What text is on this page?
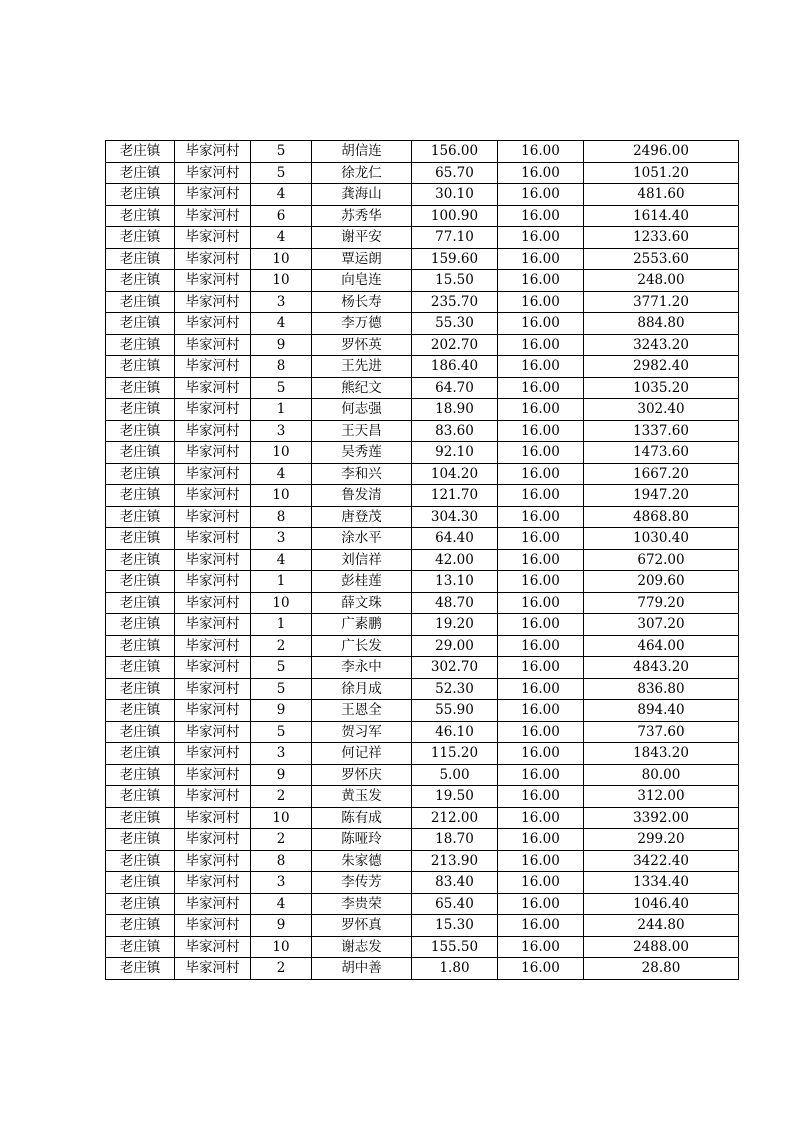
老庄镇	毕家河村	5	胡信连	156.00	16.00	2496.00
老庄镇	毕家河村	5	徐龙仁	65.70	16.00	1051.20
老庄镇	毕家河村	4	龚海山	30.10	16.00	481.60
老庄镇	毕家河村	6	苏秀华	100.90	16.00	1614.40
老庄镇	毕家河村	4	谢平安	77.10	16.00	1233.60
老庄镇	毕家河村	10	覃运朗	159.60	16.00	2553.60
老庄镇	毕家河村	10	向皂连	15.50	16.00	248.00
老庄镇	毕家河村	3	杨长寿	235.70	16.00	3771.20
老庄镇	毕家河村	4	李万德	55.30	16.00	884.80
老庄镇	毕家河村	9	罗怀英	202.70	16.00	3243.20
老庄镇	毕家河村	8	王先进	186.40	16.00	2982.40
老庄镇	毕家河村	5	熊纪文	64.70	16.00	1035.20
老庄镇	毕家河村	1	何志强	18.90	16.00	302.40
老庄镇	毕家河村	3	王天昌	83.60	16.00	1337.60
老庄镇	毕家河村	10	吴秀莲	92.10	16.00	1473.60
老庄镇	毕家河村	4	李和兴	104.20	16.00	1667.20
老庄镇	毕家河村	10	鲁发清	121.70	16.00	1947.20
老庄镇	毕家河村	8	唐登茂	304.30	16.00	4868.80
老庄镇	毕家河村	3	涂水平	64.40	16.00	1030.40
老庄镇	毕家河村	4	刘信祥	42.00	16.00	672.00
老庄镇	毕家河村	1	彭桂莲	13.10	16.00	209.60
老庄镇	毕家河村	10	薛文珠	48.70	16.00	779.20
老庄镇	毕家河村	1	广素鹏	19.20	16.00	307.20
老庄镇	毕家河村	2	广长发	29.00	16.00	464.00
老庄镇	毕家河村	5	李永中	302.70	16.00	4843.20
老庄镇	毕家河村	5	徐月成	52.30	16.00	836.80
老庄镇	毕家河村	9	王恩全	55.90	16.00	894.40
老庄镇	毕家河村	5	贺习军	46.10	16.00	737.60
老庄镇	毕家河村	3	何记祥	115.20	16.00	1843.20
老庄镇	毕家河村	9	罗怀庆	5.00	16.00	80.00
老庄镇	毕家河村	2	黄玉发	19.50	16.00	312.00
老庄镇	毕家河村	10	陈有成	212.00	16.00	3392.00
老庄镇	毕家河村	2	陈哑玲	18.70	16.00	299.20
老庄镇	毕家河村	8	朱家德	213.90	16.00	3422.40
老庄镇	毕家河村	3	李传芳	83.40	16.00	1334.40
老庄镇	毕家河村	4	李贵荣	65.40	16.00	1046.40
老庄镇	毕家河村	9	罗怀真	15.30	16.00	244.80
老庄镇	毕家河村	10	谢志发	155.50	16.00	2488.00
老庄镇	毕家河村	2	胡中善	1.80	16.00	28.80
